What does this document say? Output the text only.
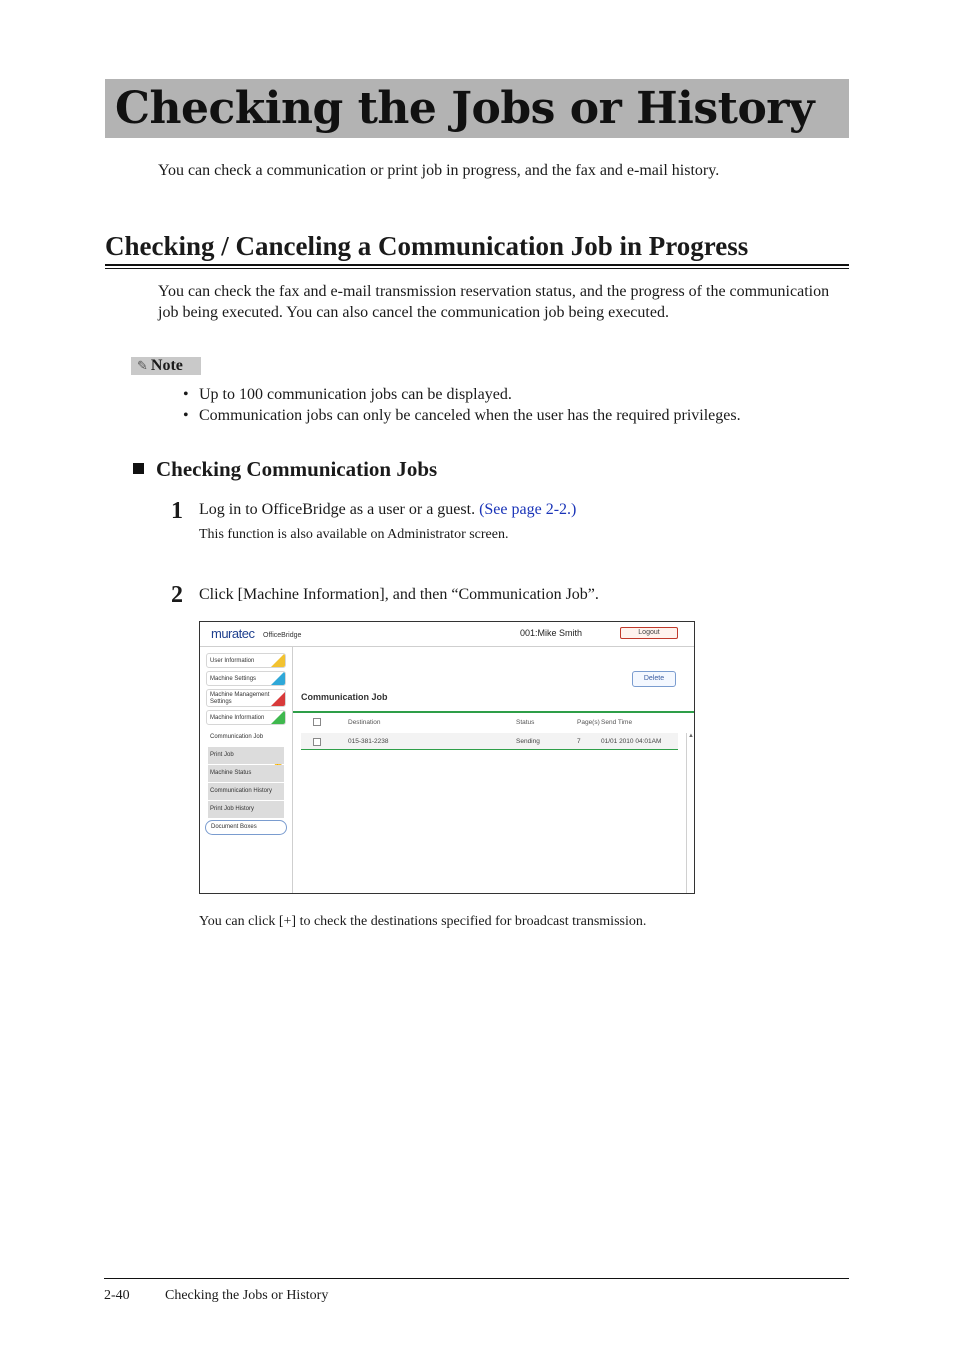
Checking the Jobs or History
You can check a communication or print job in progress, and the fax and e-mail history.
Checking / Canceling a Communication Job in Progress
You can check the fax and e-mail transmission reservation status, and the progress of the communication job being executed. You can also cancel the communication job being executed.
✎ Note
• Up to 100 communication jobs can be displayed.
• Communication jobs can only be canceled when the user has the required privileges.
Checking Communication Jobs
1 Log in to OfficeBridge as a user or a guest. (See page 2-2.)
This function is also available on Administrator screen.
2 Click [Machine Information], and then “Communication Job”.
muratec OfficeBridge	001:Mike Smith	Logout
User Information
Machine Settings
Machine Management
Settings
Machine Information
Communication Job
Print Job
Machine Status
Communication History
Print Job History
Document Boxes
Delete
Communication Job
Destination	Status	Page(s) Send Time
015-381-2238	Sending	7	01/01 2010 04:01AM
▲
You can click [+] to check the destinations specified for broadcast transmission.
2-40	Checking the Jobs or History
